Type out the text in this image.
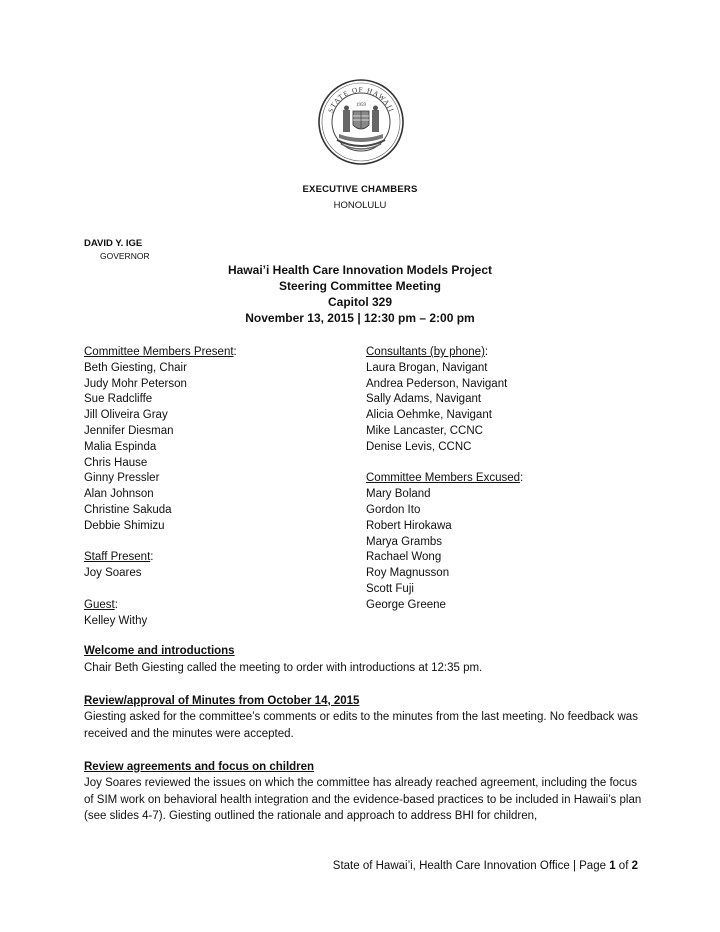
STATE OF HAWAII
1959
EXECUTIVE CHAMBERS
HONOLULU
DAVID Y. IGE
GOVERNOR
Hawai’i Health Care Innovation Models Project
Steering Committee Meeting
Capitol 329
November 13, 2015 | 12:30 pm – 2:00 pm
Committee Members Present:
Beth Giesting, Chair
Judy Mohr Peterson
Sue Radcliffe
Jill Oliveira Gray
Jennifer Diesman
Malia Espinda
Chris Hause
Ginny Pressler
Alan Johnson
Christine Sakuda
Debbie Shimizu
Staff Present:
Joy Soares
Guest:
Kelley Withy
Consultants (by phone):
Laura Brogan, Navigant
Andrea Pederson, Navigant
Sally Adams, Navigant
Alicia Oehmke, Navigant
Mike Lancaster, CCNC
Denise Levis, CCNC
Committee Members Excused:
Mary Boland
Gordon Ito
Robert Hirokawa
Marya Grambs
Rachael Wong
Roy Magnusson
Scott Fuji
George Greene
Welcome and introductions

Chair Beth Giesting called the meeting to order with introductions at 12:35 pm.

Review/approval of Minutes from October 14, 2015

Giesting asked for the committee’s comments or edits to the minutes from the last meeting. No feedback was received and the minutes were accepted.

Review agreements and focus on children

Joy Soares reviewed the issues on which the committee has already reached agreement, including the focus of SIM work on behavioral health integration and the evidence-based practices to be included in Hawaii’s plan (see slides 4-7). Giesting outlined the rationale and approach to address BHI for children,

State of Hawai’i, Health Care Innovation Office | Page 1 of 2
